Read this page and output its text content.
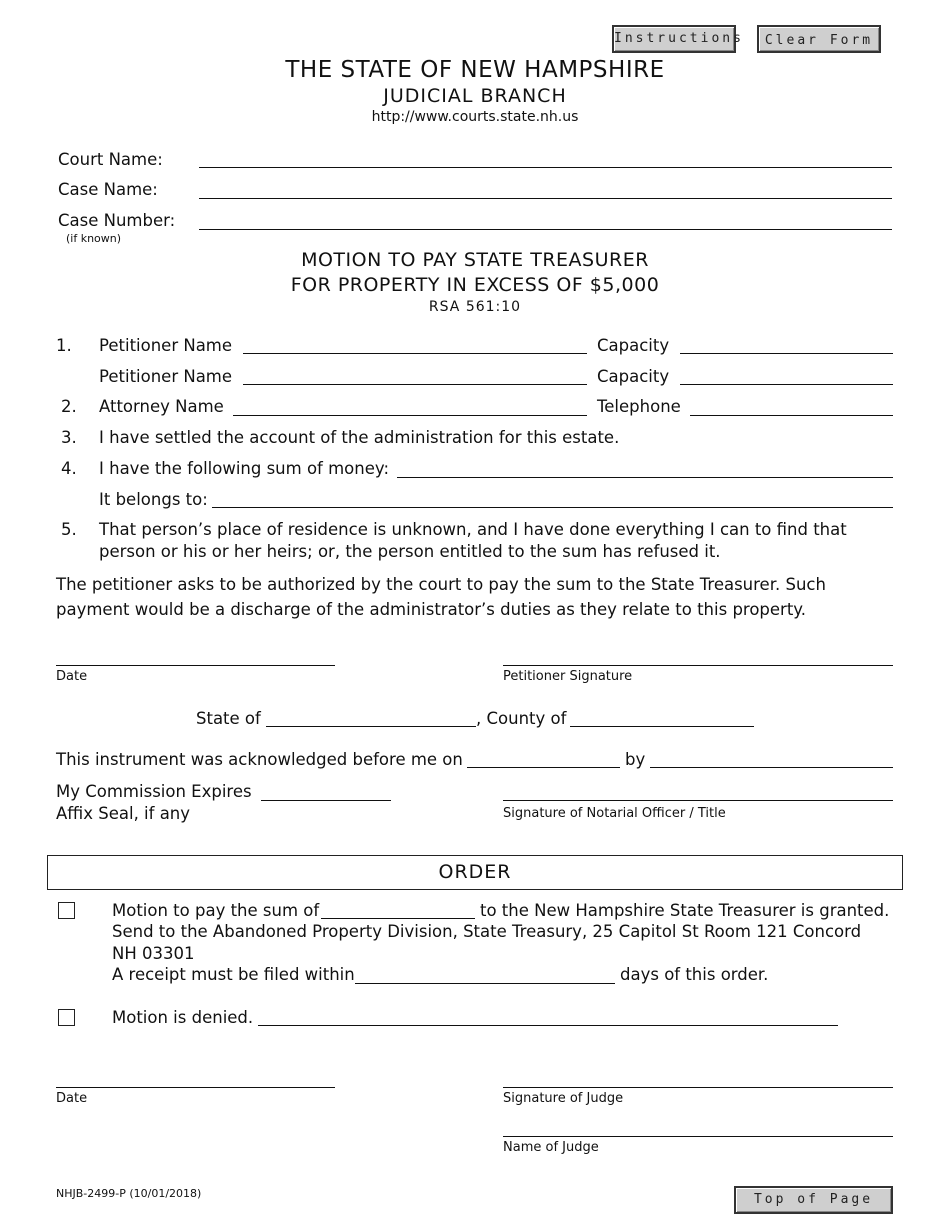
Instructions	Clear Form
THE STATE OF NEW HAMPSHIRE
JUDICIAL BRANCH
http://www.courts.state.nh.us
Court Name:
Case Name:
Case Number:
(if known)
MOTION TO PAY STATE TREASURER
FOR PROPERTY IN EXCESS OF $5,000
RSA 561:10
1. Petitioner Name	Capacity
Petitioner Name	Capacity
2. Attorney Name	Telephone
3. I have settled the account of the administration for this estate.
4. I have the following sum of money:
It belongs to:
5. That person’s place of residence is unknown, and I have done everything I can to find that
person or his or her heirs; or, the person entitled to the sum has refused it.
The petitioner asks to be authorized by the court to pay the sum to the State Treasurer. Such
payment would be a discharge of the administrator’s duties as they relate to this property.
Date	Petitioner Signature
State of	, County of
This instrument was acknowledged before me on	by
My Commission Expires
Affix Seal, if any	Signature of Notarial Officer / Title
ORDER
Motion to pay the sum of	to the New Hampshire State Treasurer is granted.
Send to the Abandoned Property Division, State Treasury, 25 Capitol St Room 121 Concord
NH 03301
A receipt must be filed within	days of this order.
Motion is denied.
Date	Signature of Judge
Name of Judge
NHJB-2499-P (10/01/2018)	Top of Page
